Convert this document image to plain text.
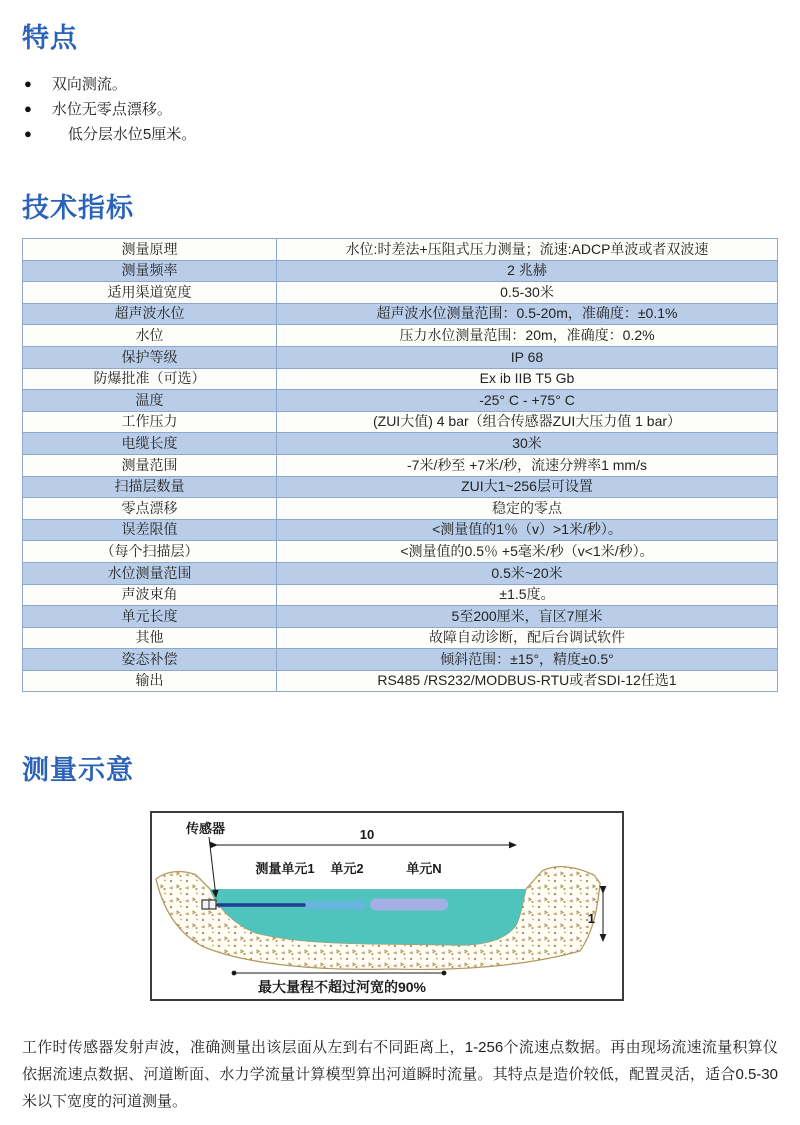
特点
● 双向测流。
● 水位无零点漂移。
●	低分层水位5厘米。
技术指标
测量原理	水位:时差法+压阻式压力测量；流速:ADCP单波或者双波速
测量频率	2 兆赫
适用渠道宽度	0.5-30米
超声波水位	超声波水位测量范围：0.5-20m，准确度：±0.1%
水位	压力水位测量范围：20m，准确度：0.2%
保护等级	IP 68
防爆批准（可选）	Ex ib IIB T5 Gb
温度	-25° C - +75° C
工作压力	(ZUI大值) 4 bar（组合传感器ZUI大压力值 1 bar）
电缆长度	30米
测量范围	-7米/秒至 +7米/秒，流速分辨率1 mm/s
扫描层数量	ZUI大1~256层可设置
零点漂移	稳定的零点
误差限值	<测量值的1％（v）>1米/秒）。
（每个扫描层）	<测量值的0.5％ +5毫米/秒（v<1米/秒）。
水位测量范围	0.5米~20米
声波束角	±1.5度。
单元长度	5至200厘米，盲区7厘米
其他	故障自动诊断，配后台调试软件
姿态补偿	倾斜范围：±15°，精度±0.5°
输出	RS485 /RS232/MODBUS-RTU或者SDI-12任选1
测量示意
传感器	10
测量单元1 单元2	单元N
1
最大量程不超过河宽的90%

工作时传感器发射声波，准确测量出该层面从左到右不同距离上，1-256个流速点数据。再由现场流速流量积算仪依据流速点数据、河道断面、水力学流量计算模型算出河道瞬时流量。其特点是造价较低，配置灵活，适合0.5-30米以下宽度的河道测量。
